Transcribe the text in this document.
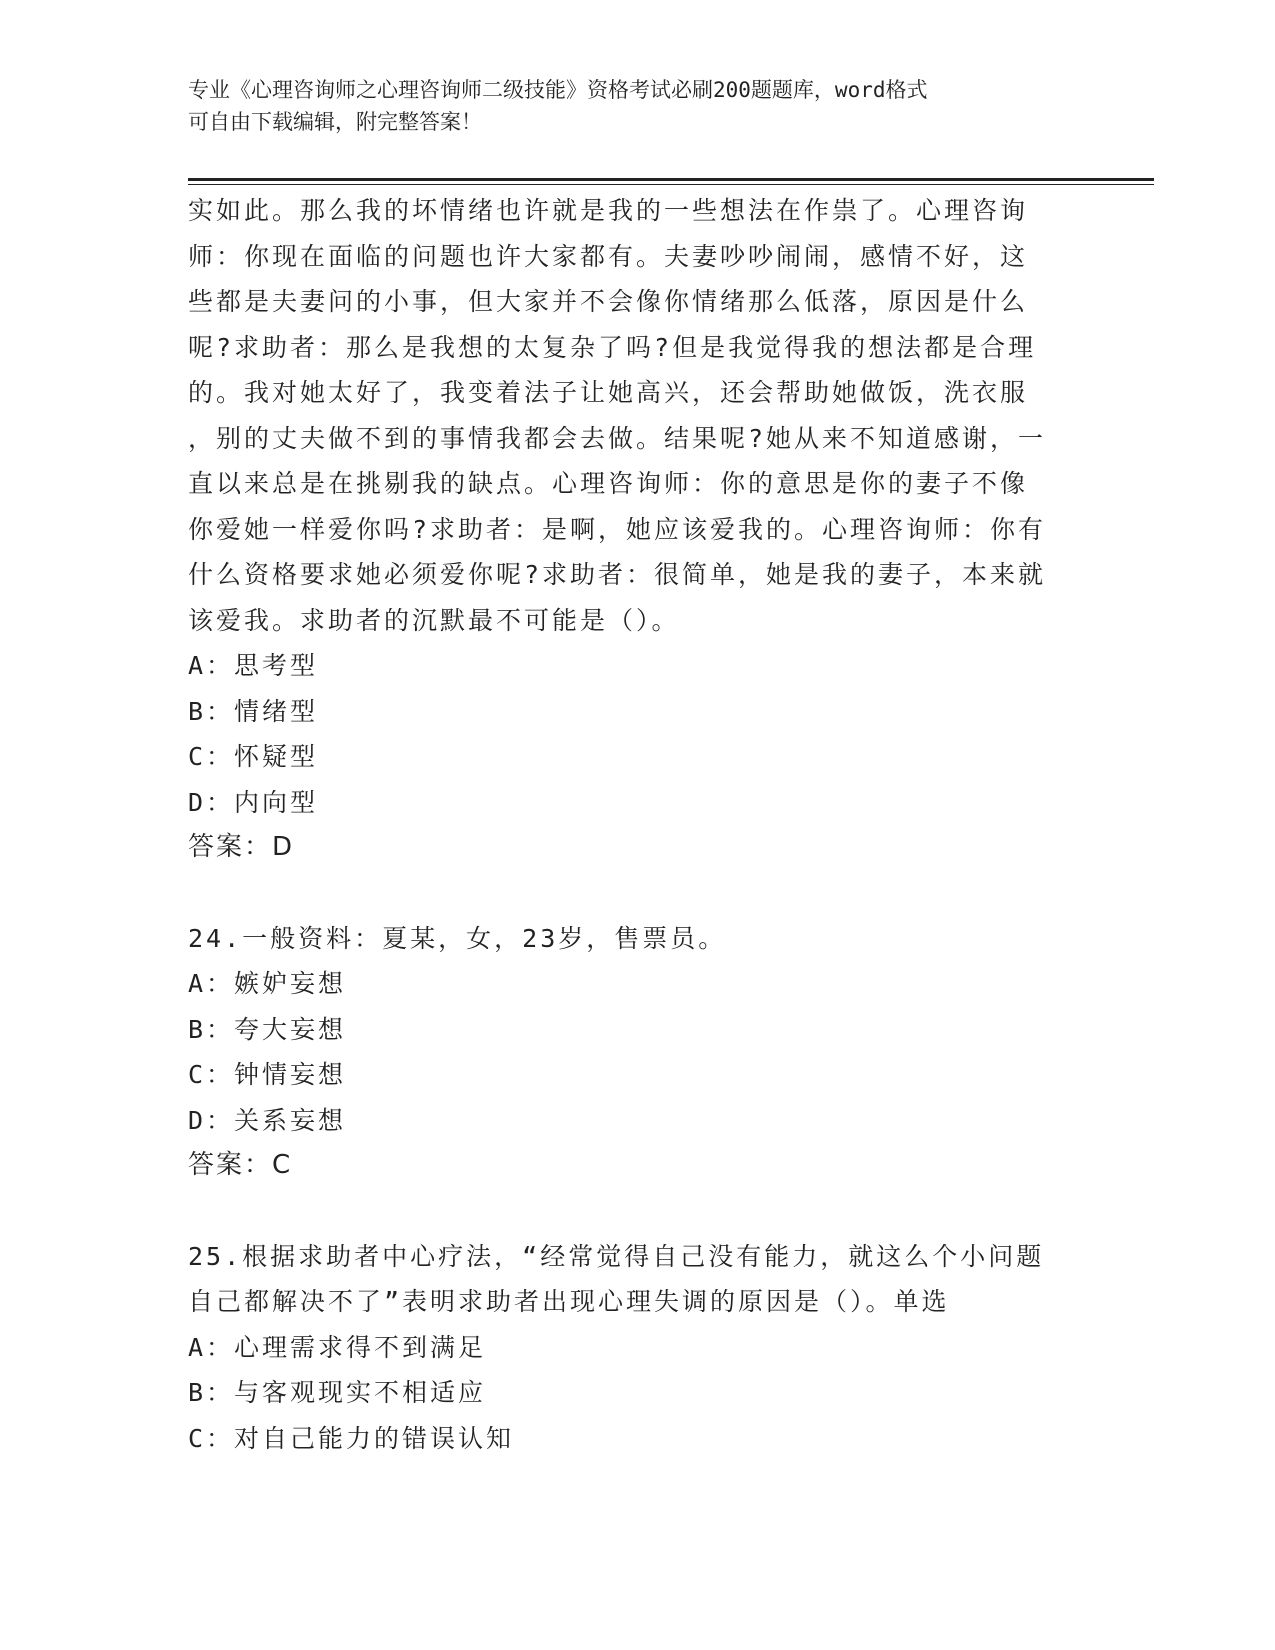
专业《心理咨询师之心理咨询师二级技能》资格考试必刷200题题库，word格式
可自由下载编辑，附完整答案！

实如此。那么我的坏情绪也许就是我的一些想法在作祟了。心理咨询

师：你现在面临的问题也许大家都有。夫妻吵吵闹闹，感情不好，这

些都是夫妻问的小事，但大家并不会像你情绪那么低落，原因是什么

呢?求助者：那么是我想的太复杂了吗?但是我觉得我的想法都是合理

的。我对她太好了，我变着法子让她高兴，还会帮助她做饭，洗衣服

，别的丈夫做不到的事情我都会去做。结果呢?她从来不知道感谢，一

直以来总是在挑剔我的缺点。心理咨询师：你的意思是你的妻子不像

你爱她一样爱你吗?求助者：是啊，她应该爱我的。心理咨询师：你有

什么资格要求她必须爱你呢?求助者：很简单，她是我的妻子，本来就

该爱我。求助者的沉默最不可能是（）。

A：思考型

B：情绪型

C：怀疑型

D：内向型

答案：D

24.一般资料：夏某，女，23岁，售票员。

A：嫉妒妄想

B：夸大妄想

C：钟情妄想

D：关系妄想

答案：C

25.根据求助者中心疗法，“经常觉得自己没有能力，就这么个小问题

自己都解决不了”表明求助者出现心理失调的原因是（）。单选

A：心理需求得不到满足

B：与客观现实不相适应

C：对自己能力的错误认知
